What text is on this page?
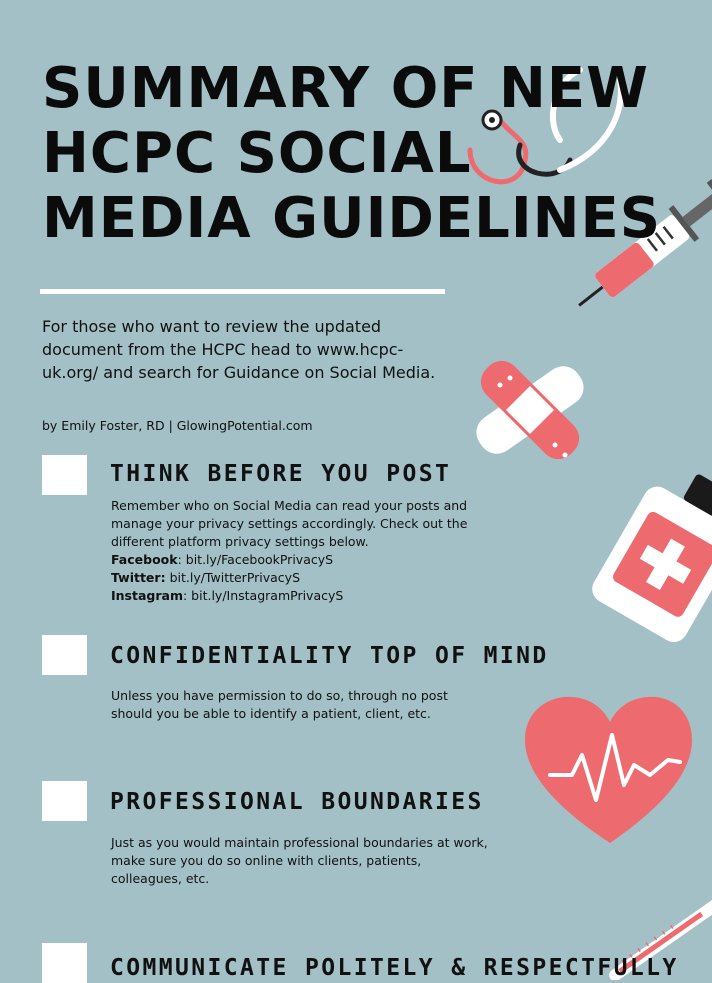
SUMMARY OF NEW
HCPC SOCIAL
MEDIA GUIDELINES

For those who want to review the updated document from the HCPC head to www.hcpc-uk.org/ and search for Guidance on Social Media.

by Emily Foster, RD | GlowingPotential.com
THINK BEFORE YOU POST
Remember who on Social Media can read your posts and manage your privacy settings accordingly. Check out the different platform privacy settings below.
Facebook: bit.ly/FacebookPrivacyS
Twitter: bit.ly/TwitterPrivacyS
Instagram: bit.ly/InstagramPrivacyS
CONFIDENTIALITY TOP OF MIND
Unless you have permission to do so, through no post should you be able to identify a patient, client, etc.
PROFESSIONAL BOUNDARIES
Just as you would maintain professional boundaries at work, make sure you do so online with clients, patients, colleagues, etc.
COMMUNICATE POLITELY & RESPECTFULLY
